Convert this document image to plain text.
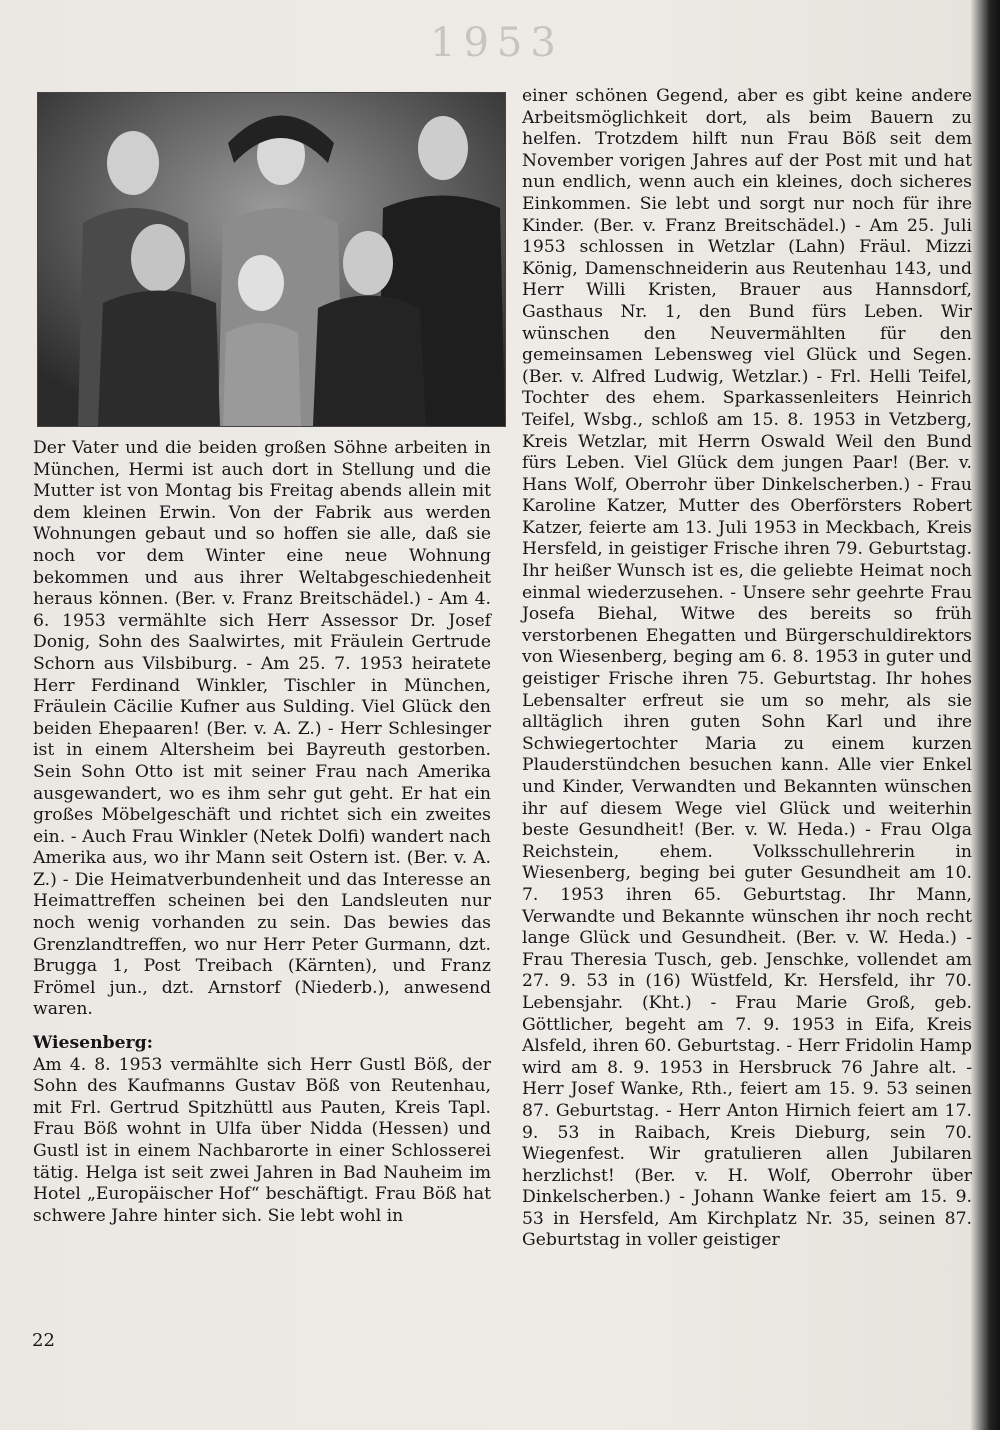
1953

Der Vater und die beiden großen Söhne arbeiten in München, Hermi ist auch dort in Stellung und die Mutter ist von Montag bis Freitag abends allein mit dem kleinen Erwin. Von der Fabrik aus werden Wohnungen gebaut und so hoffen sie alle, daß sie noch vor dem Winter eine neue Wohnung bekommen und aus ihrer Weltabgeschiedenheit heraus können. (Ber. v. Franz Breitschädel.) - Am 4. 6. 1953 vermählte sich Herr Assessor Dr. Josef Donig, Sohn des Saalwirtes, mit Fräulein Gertrude Schorn aus Vilsbiburg. - Am 25. 7. 1953 heiratete Herr Ferdinand Winkler, Tischler in München, Fräulein Cäcilie Kufner aus Sulding. Viel Glück den beiden Ehepaaren! (Ber. v. A. Z.) - Herr Schlesinger ist in einem Altersheim bei Bayreuth gestorben. Sein Sohn Otto ist mit seiner Frau nach Amerika ausgewandert, wo es ihm sehr gut geht. Er hat ein großes Möbelgeschäft und richtet sich ein zweites ein. - Auch Frau Winkler (Netek Dolfi) wandert nach Amerika aus, wo ihr Mann seit Ostern ist. (Ber. v. A. Z.) - Die Heimatverbundenheit und das Interesse an Heimattreffen scheinen bei den Landsleuten nur noch wenig vorhanden zu sein. Das bewies das Grenzlandtreffen, wo nur Herr Peter Gurmann, dzt. Brugga 1, Post Treibach (Kärnten), und Franz Frömel jun., dzt. Arnstorf (Niederb.), anwesend waren.

Wiesenberg:

Am 4. 8. 1953 vermählte sich Herr Gustl Böß, der Sohn des Kaufmanns Gustav Böß von Reutenhau, mit Frl. Gertrud Spitzhüttl aus Pauten, Kreis Tapl. Frau Böß wohnt in Ulfa über Nidda (Hessen) und Gustl ist in einem Nachbarorte in einer Schlosserei tätig. Helga ist seit zwei Jahren in Bad Nauheim im Hotel „Europäischer Hof“ beschäftigt. Frau Böß hat schwere Jahre hinter sich. Sie lebt wohl in

einer schönen Gegend, aber es gibt keine andere Arbeitsmöglichkeit dort, als beim Bauern zu helfen. Trotzdem hilft nun Frau Böß seit dem November vorigen Jahres auf der Post mit und hat nun endlich, wenn auch ein kleines, doch sicheres Einkommen. Sie lebt und sorgt nur noch für ihre Kinder. (Ber. v. Franz Breitschädel.) - Am 25. Juli 1953 schlossen in Wetzlar (Lahn) Fräul. Mizzi König, Damenschneiderin aus Reutenhau 143, und Herr Willi Kristen, Brauer aus Hannsdorf, Gasthaus Nr. 1, den Bund fürs Leben. Wir wünschen den Neuvermählten für den gemeinsamen Lebensweg viel Glück und Segen. (Ber. v. Alfred Ludwig, Wetzlar.) - Frl. Helli Teifel, Tochter des ehem. Sparkassenleiters Heinrich Teifel, Wsbg., schloß am 15. 8. 1953 in Vetzberg, Kreis Wetzlar, mit Herrn Oswald Weil den Bund fürs Leben. Viel Glück dem jungen Paar! (Ber. v. Hans Wolf, Oberrohr über Dinkelscherben.) - Frau Karoline Katzer, Mutter des Oberförsters Robert Katzer, feierte am 13. Juli 1953 in Meckbach, Kreis Hersfeld, in geistiger Frische ihren 79. Geburtstag. Ihr heißer Wunsch ist es, die geliebte Heimat noch einmal wiederzusehen. - Unsere sehr geehrte Frau Josefa Biehal, Witwe des bereits so früh verstorbenen Ehegatten und Bürgerschuldirektors von Wiesenberg, beging am 6. 8. 1953 in guter und geistiger Frische ihren 75. Geburtstag. Ihr hohes Lebensalter erfreut sie um so mehr, als sie alltäglich ihren guten Sohn Karl und ihre Schwiegertochter Maria zu einem kurzen Plauderstündchen besuchen kann. Alle vier Enkel und Kinder, Verwandten und Bekannten wünschen ihr auf diesem Wege viel Glück und weiterhin beste Gesundheit! (Ber. v. W. Heda.) - Frau Olga Reichstein, ehem. Volksschullehrerin in Wiesenberg, beging bei guter Gesundheit am 10. 7. 1953 ihren 65. Geburtstag. Ihr Mann, Verwandte und Bekannte wünschen ihr noch recht lange Glück und Gesundheit. (Ber. v. W. Heda.) - Frau Theresia Tusch, geb. Jenschke, vollendet am 27. 9. 53 in (16) Wüstfeld, Kr. Hersfeld, ihr 70. Lebensjahr. (Kht.) - Frau Marie Groß, geb. Göttlicher, begeht am 7. 9. 1953 in Eifa, Kreis Alsfeld, ihren 60. Geburtstag. - Herr Fridolin Hamp wird am 8. 9. 1953 in Hersbruck 76 Jahre alt. - Herr Josef Wanke, Rth., feiert am 15. 9. 53 seinen 87. Geburtstag. - Herr Anton Hirnich feiert am 17. 9. 53 in Raibach, Kreis Dieburg, sein 70. Wiegenfest. Wir gratulieren allen Jubilaren herzlichst! (Ber. v. H. Wolf, Oberrohr über Dinkelscherben.) - Johann Wanke feiert am 15. 9. 53 in Hersfeld, Am Kirchplatz Nr. 35, seinen 87. Geburtstag in voller geistiger

22
